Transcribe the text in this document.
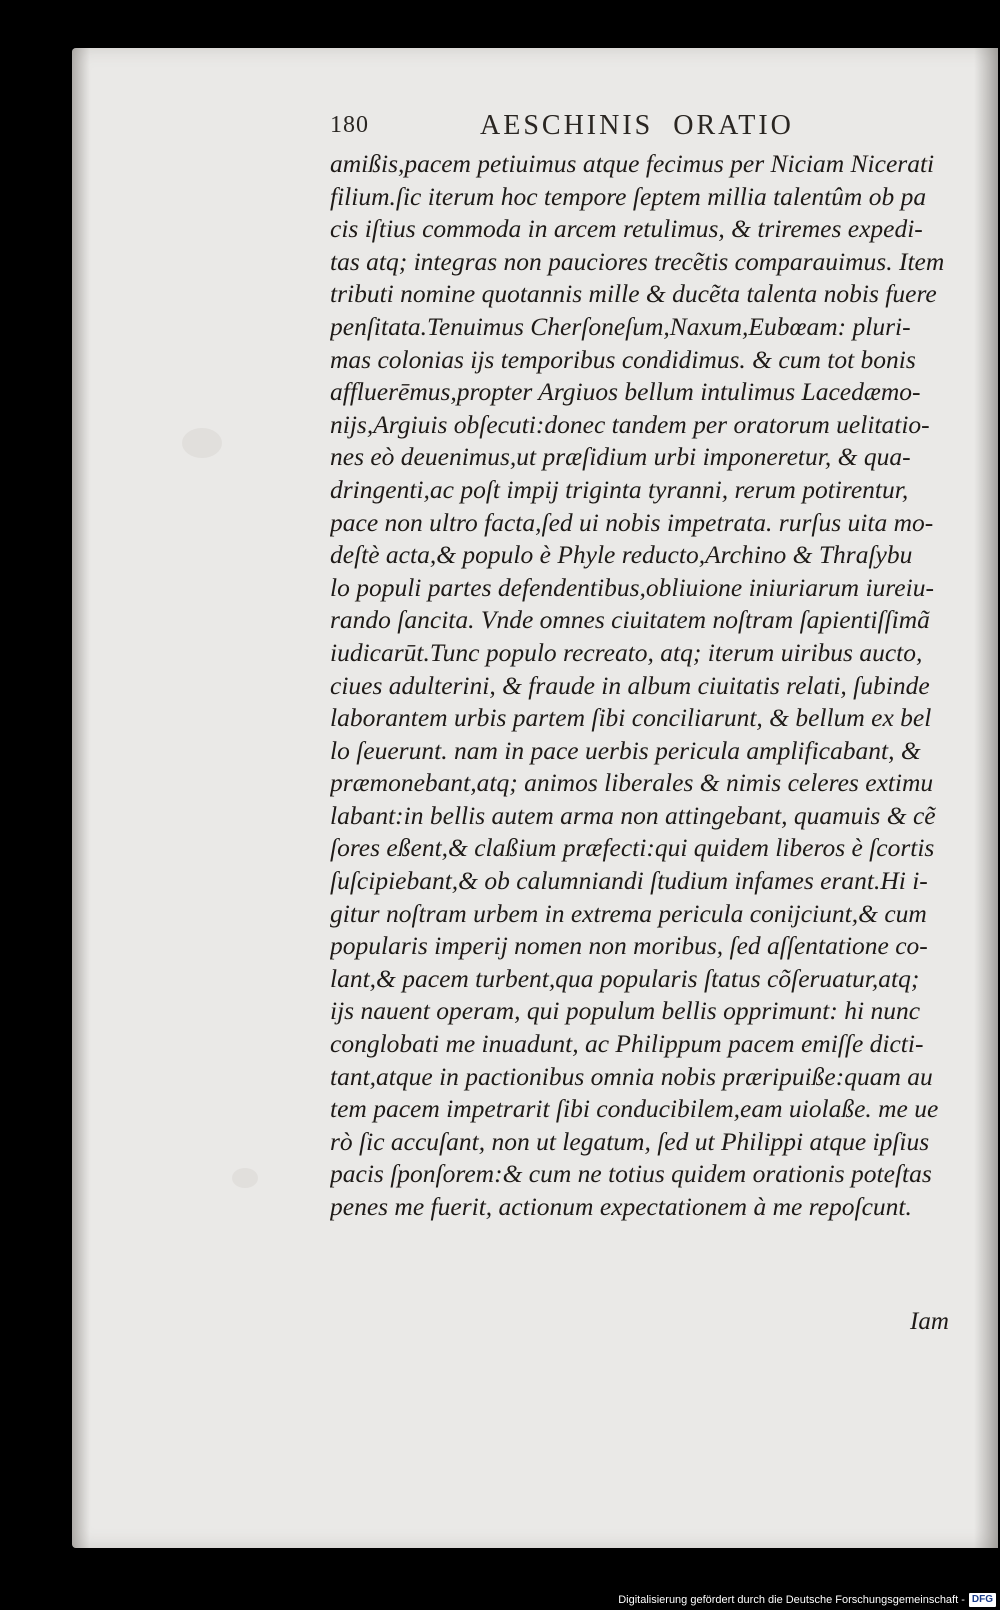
180	AESCHINIS  ORATIO
amißis,pacem petiuimus atque fecimus per Niciam Nicerati
filium.ſic iterum hoc tempore ſeptem millia talentûm ob pa
cis iſtius commoda in arcem retulimus, & triremes expedi-
tas atq; integras non pauciores trecẽtis comparauimus. Item
tributi nomine quotannis mille & ducẽta talenta nobis fuere
penſitata.Tenuimus Cherſoneſum,Naxum,Eubœam: pluri-
mas colonias ijs temporibus condidimus. & cum tot bonis
affluerēmus,propter Argiuos bellum intulimus Lacedæmo-
nijs,Argiuis obſecuti:donec tandem per oratorum uelitatio-
nes eò deuenimus,ut præſidium urbi imponeretur, & qua-
dringenti,ac poſt impij triginta tyranni, rerum potirentur,
pace non ultro facta,ſed ui nobis impetrata. rurſus uita mo-
deſtè acta,& populo è Phyle reducto,Archino & Thraſybu
lo populi partes defendentibus,obliuione iniuriarum iureiu-
rando ſancita. Vnde omnes ciuitatem noſtram ſapientiſſimã
iudicarūt.Tunc populo recreato, atq; iterum uiribus aucto,
ciues adulterini, & fraude in album ciuitatis relati, ſubinde
laborantem urbis partem ſibi conciliarunt, & bellum ex bel
lo ſeuerunt. nam in pace uerbis pericula amplificabant, &
præmonebant,atq; animos liberales & nimis celeres extimu
labant:in bellis autem arma non attingebant, quamuis & cẽ
ſores eßent,& claßium præfecti:qui quidem liberos è ſcortis
ſuſcipiebant,& ob calumniandi ſtudium infames erant.Hi i-
gitur noſtram urbem in extrema pericula conijciunt,& cum
popularis imperij nomen non moribus, ſed aſſentatione co-
lant,& pacem turbent,qua popularis ſtatus cõſeruatur,atq;
ijs nauent operam, qui populum bellis opprimunt: hi nunc
conglobati me inuadunt, ac Philippum pacem emiſſe dicti-
tant,atque in pactionibus omnia nobis præripuiße:quam au
tem pacem impetrarit ſibi conducibilem,eam uiolaße. me ue
rò ſic accuſant, non ut legatum, ſed ut Philippi atque ipſius
pacis ſponſorem:& cum ne totius quidem orationis poteſtas
penes me fuerit, actionum expectationem à me repoſcunt.
Iam
Digitalisierung gefördert durch die Deutsche Forschungsgemeinschaft - DFG
